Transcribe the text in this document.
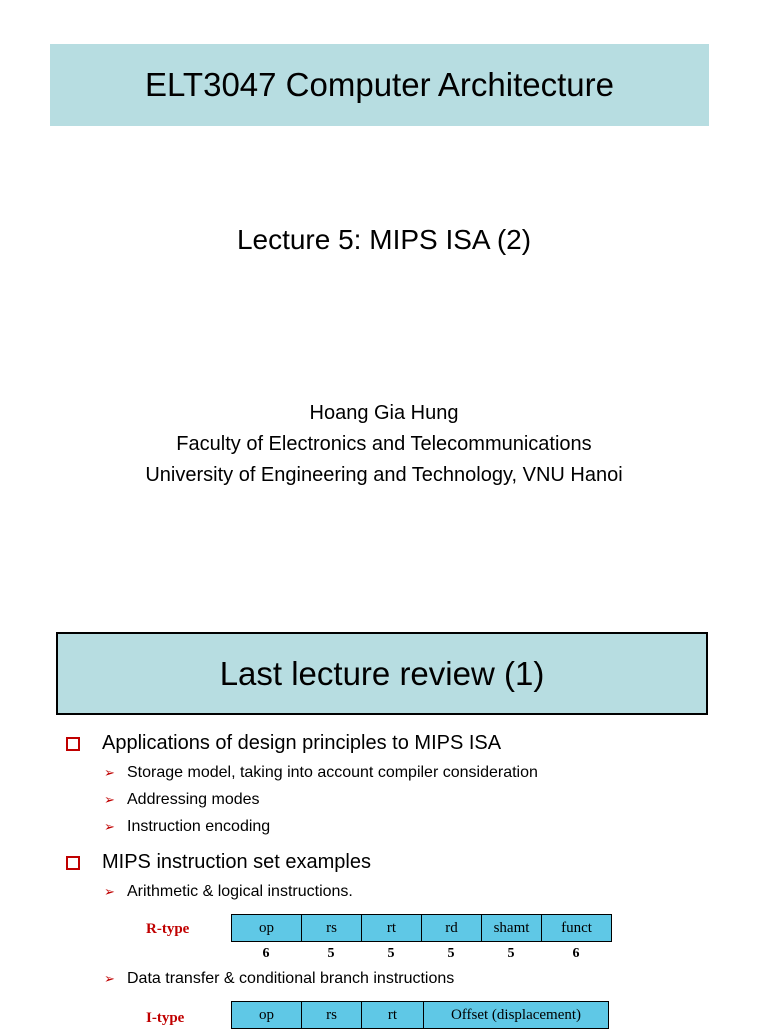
ELT3047 Computer Architecture
Lecture 5: MIPS ISA (2)
Hoang Gia Hung
Faculty of Electronics and Telecommunications
University of Engineering and Technology, VNU Hanoi
Last lecture review (1)
Applications of design principles to MIPS ISA
➢ Storage model, taking into account compiler consideration
➢ Addressing modes
➢ Instruction encoding
MIPS instruction set examples
➢ Arithmetic & logical instructions.
R-type	op	rs	rt	rd	shamt	funct
6	5	5	5	5	6
➢ Data transfer & conditional branch instructions
I-type	op	rs	rt	Offset (displacement)
